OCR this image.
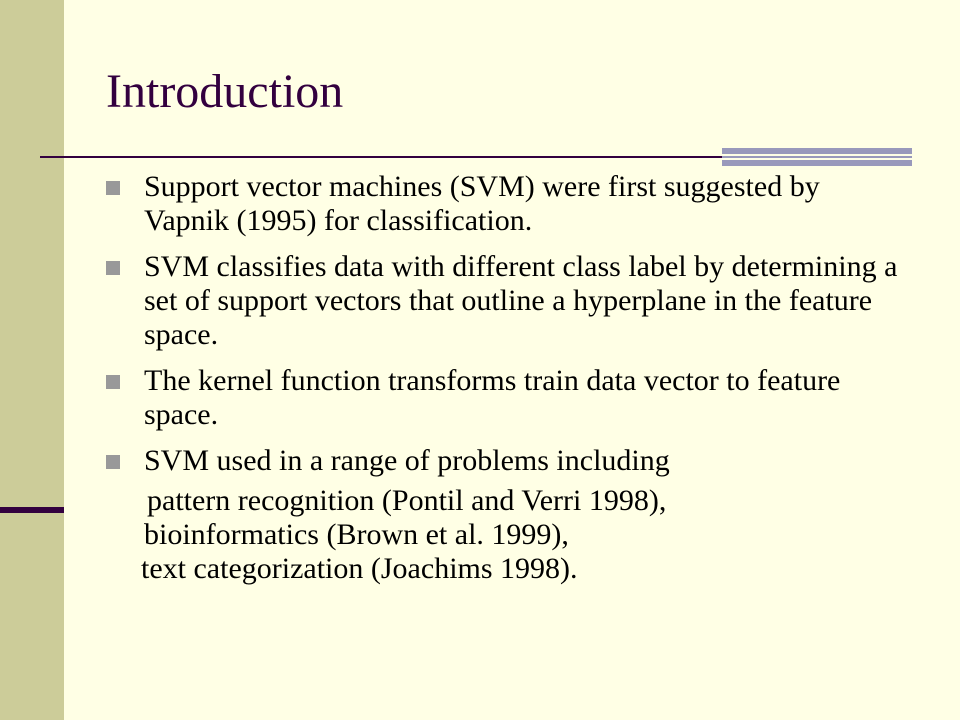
Introduction
Support vector machines (SVM) were first suggested by Vapnik (1995) for classification.
SVM classifies data with different class label by determining a set of support vectors that outline a hyperplane in the feature space.
The kernel function transforms train data vector to feature space.
SVM used in a range of problems including
pattern recognition (Pontil and Verri 1998),
bioinformatics (Brown et al. 1999),
text categorization (Joachims 1998).
